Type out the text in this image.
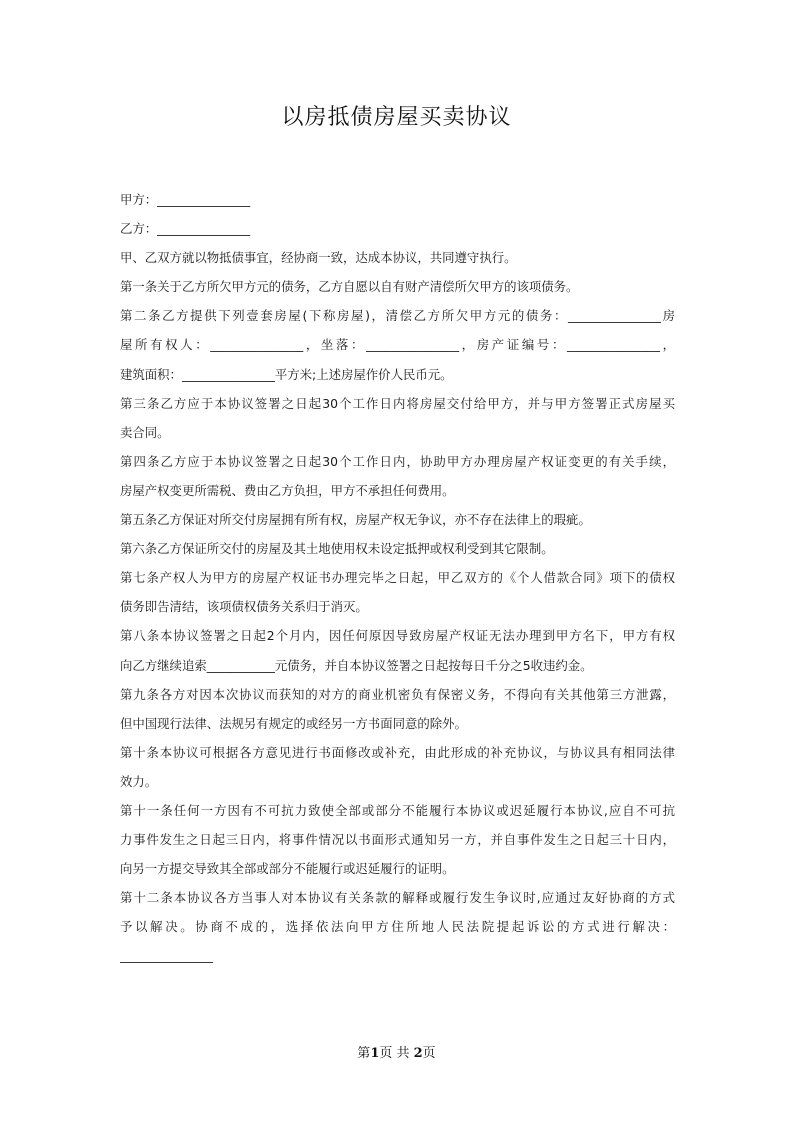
以房抵债房屋买卖协议
甲方：_______________
乙方：_______________
甲、乙双方就以物抵债事宜，经协商一致，达成本协议，共同遵守执行。
第一条关于乙方所欠甲方元的债务，乙方自愿以自有财产清偿所欠甲方的该项债务。
第二条乙方提供下列壹套房屋(下称房屋)，清偿乙方所欠甲方元的债务：_______________房
屋所有权人：_______________，坐落：_______________，房产证编号：_______________，
建筑面积：_______________平方米;上述房屋作价人民币元。
第三条乙方应于本协议签署之日起30个工作日内将房屋交付给甲方，并与甲方签署正式房屋买
卖合同。
第四条乙方应于本协议签署之日起30个工作日内，协助甲方办理房屋产权证变更的有关手续，
房屋产权变更所需税、费由乙方负担，甲方不承担任何费用。
第五条乙方保证对所交付房屋拥有所有权，房屋产权无争议，亦不存在法律上的瑕疵。
第六条乙方保证所交付的房屋及其土地使用权未设定抵押或权利受到其它限制。
第七条产权人为甲方的房屋产权证书办理完毕之日起，甲乙双方的《个人借款合同》项下的债权
债务即告清结，该项债权债务关系归于消灭。
第八条本协议签署之日起2个月内，因任何原因导致房屋产权证无法办理到甲方名下，甲方有权
向乙方继续追索___________元债务，并自本协议签署之日起按每日千分之5收违约金。
第九条各方对因本次协议而获知的对方的商业机密负有保密义务，不得向有关其他第三方泄露，
但中国现行法律、法规另有规定的或经另一方书面同意的除外。
第十条本协议可根据各方意见进行书面修改或补充，由此形成的补充协议，与协议具有相同法律
效力。
第十一条任何一方因有不可抗力致使全部或部分不能履行本协议或迟延履行本协议,应自不可抗
力事件发生之日起三日内，将事件情况以书面形式通知另一方，并自事件发生之日起三十日内，
向另一方提交导致其全部或部分不能履行或迟延履行的证明。
第十二条本协议各方当事人对本协议有关条款的解释或履行发生争议时,应通过友好协商的方式
予以解决。协商不成的，选择依法向甲方住所地人民法院提起诉讼的方式进行解决：
_______________
第1页 共 2页
